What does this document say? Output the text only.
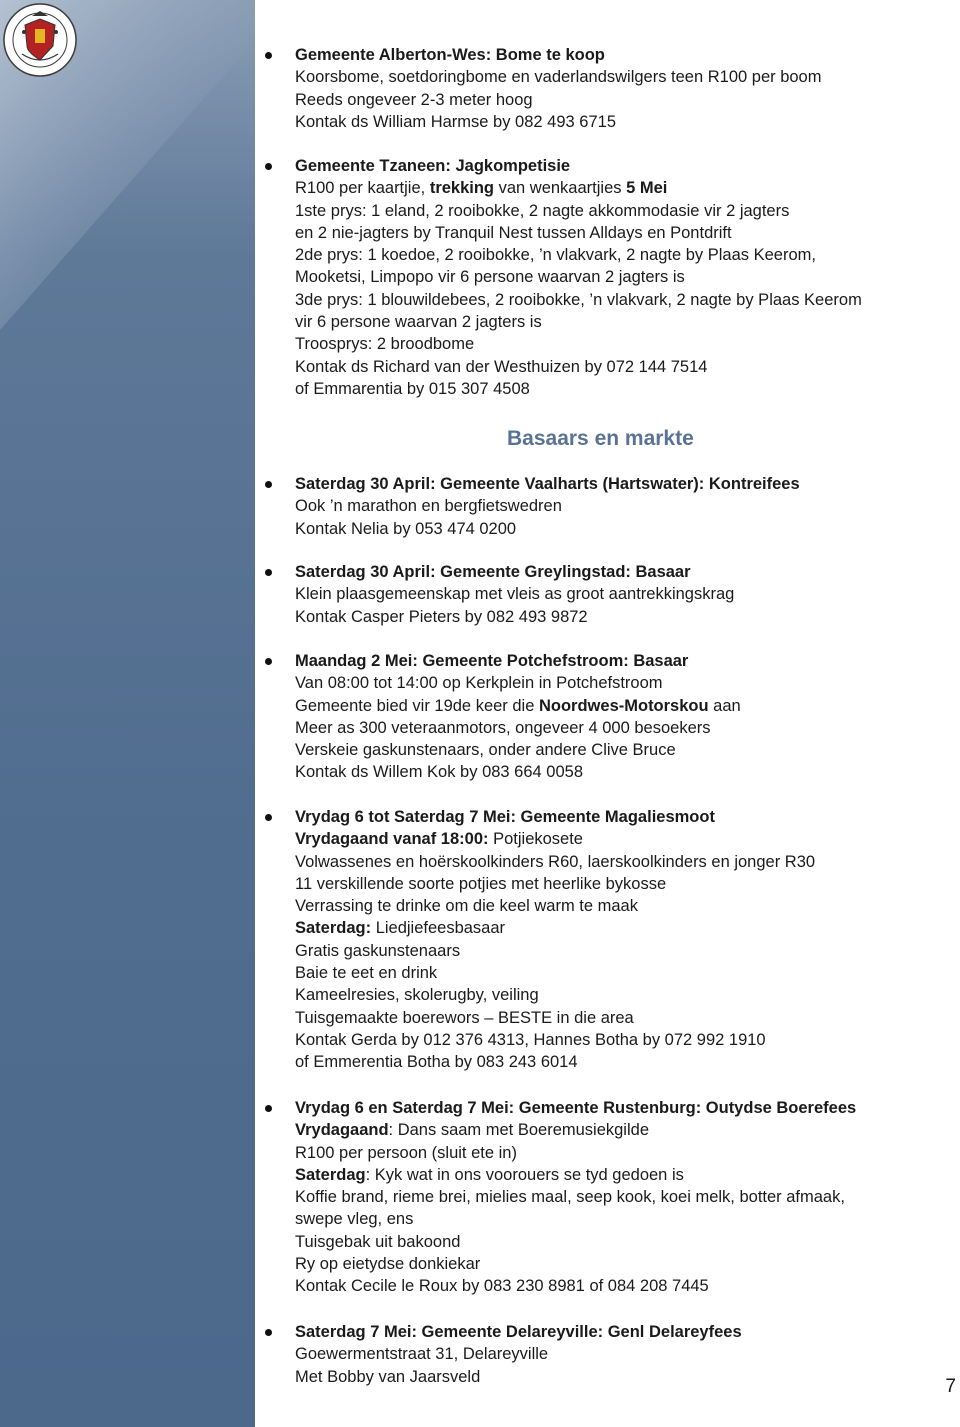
Gemeente Alberton-Wes: Bome te koop
Koorsbome, soetdoringbome en vaderlandswilgers teen R100 per boom
Reeds ongeveer 2-3 meter hoog
Kontak ds William Harmse by 082 493 6715
Gemeente Tzaneen: Jagkompetisie
R100 per kaartjie, trekking van wenkaartjies 5 Mei
1ste prys: 1 eland, 2 rooibokke, 2 nagte akkommodasie vir 2 jagters
en 2 nie-jagters by Tranquil Nest tussen Alldays en Pontdrift
2de prys: 1 koedoe, 2 rooibokke, ’n vlakvark, 2 nagte by Plaas Keerom,
Mooketsi, Limpopo vir 6 persone waarvan 2 jagters is
3de prys: 1 blouwildebees, 2 rooibokke, ’n vlakvark, 2 nagte by Plaas Keerom
vir 6 persone waarvan 2 jagters is
Troosprys: 2 broodbome
Kontak ds Richard van der Westhuizen by 072 144 7514
of Emmarentia by 015 307 4508
Basaars en markte
Saterdag 30 April: Gemeente Vaalharts (Hartswater): Kontreifees
Ook ’n marathon en bergfietswedren
Kontak Nelia by 053 474 0200
Saterdag 30 April: Gemeente Greylingstad: Basaar
Klein plaasgemeenskap met vleis as groot aantrekkingskrag
Kontak Casper Pieters by 082 493 9872
Maandag 2 Mei: Gemeente Potchefstroom: Basaar
Van 08:00 tot 14:00 op Kerkplein in Potchefstroom
Gemeente bied vir 19de keer die Noordwes-Motorskou aan
Meer as 300 veteraanmotors, ongeveer 4 000 besoekers
Verskeie gaskunstenaars, onder andere Clive Bruce
Kontak ds Willem Kok by 083 664 0058
Vrydag 6 tot Saterdag 7 Mei: Gemeente Magaliesmoot
Vrydagaand vanaf 18:00: Potjiekosete
Volwassenes en hoërskoolkinders R60, laerskoolkinders en jonger R30
11 verskillende soorte potjies met heerlike bykosse
Verrassing te drinke om die keel warm te maak
Saterdag: Liedjiefeesbasaar
Gratis gaskunstenaars
Baie te eet en drink
Kameelresies, skolerugby, veiling
Tuisgemaakte boerewors – BESTE in die area
Kontak Gerda by 012 376 4313, Hannes Botha by 072 992 1910
of Emmerentia Botha by 083 243 6014
Vrydag 6 en Saterdag 7 Mei: Gemeente Rustenburg: Outydse Boerefees
Vrydagaand: Dans saam met Boeremusiekgilde
R100 per persoon (sluit ete in)
Saterdag: Kyk wat in ons voorouers se tyd gedoen is
Koffie brand, rieme brei, mielies maal, seep kook, koei melk, botter afmaak,
swepe vleg, ens
Tuisgebak uit bakoond
Ry op eietydse donkiekar
Kontak Cecile le Roux by 083 230 8981 of 084 208 7445
Saterdag 7 Mei: Gemeente Delareyville: Genl Delareyfees
Goewermentstraat 31, Delareyville
Met Bobby van Jaarsveld	7
